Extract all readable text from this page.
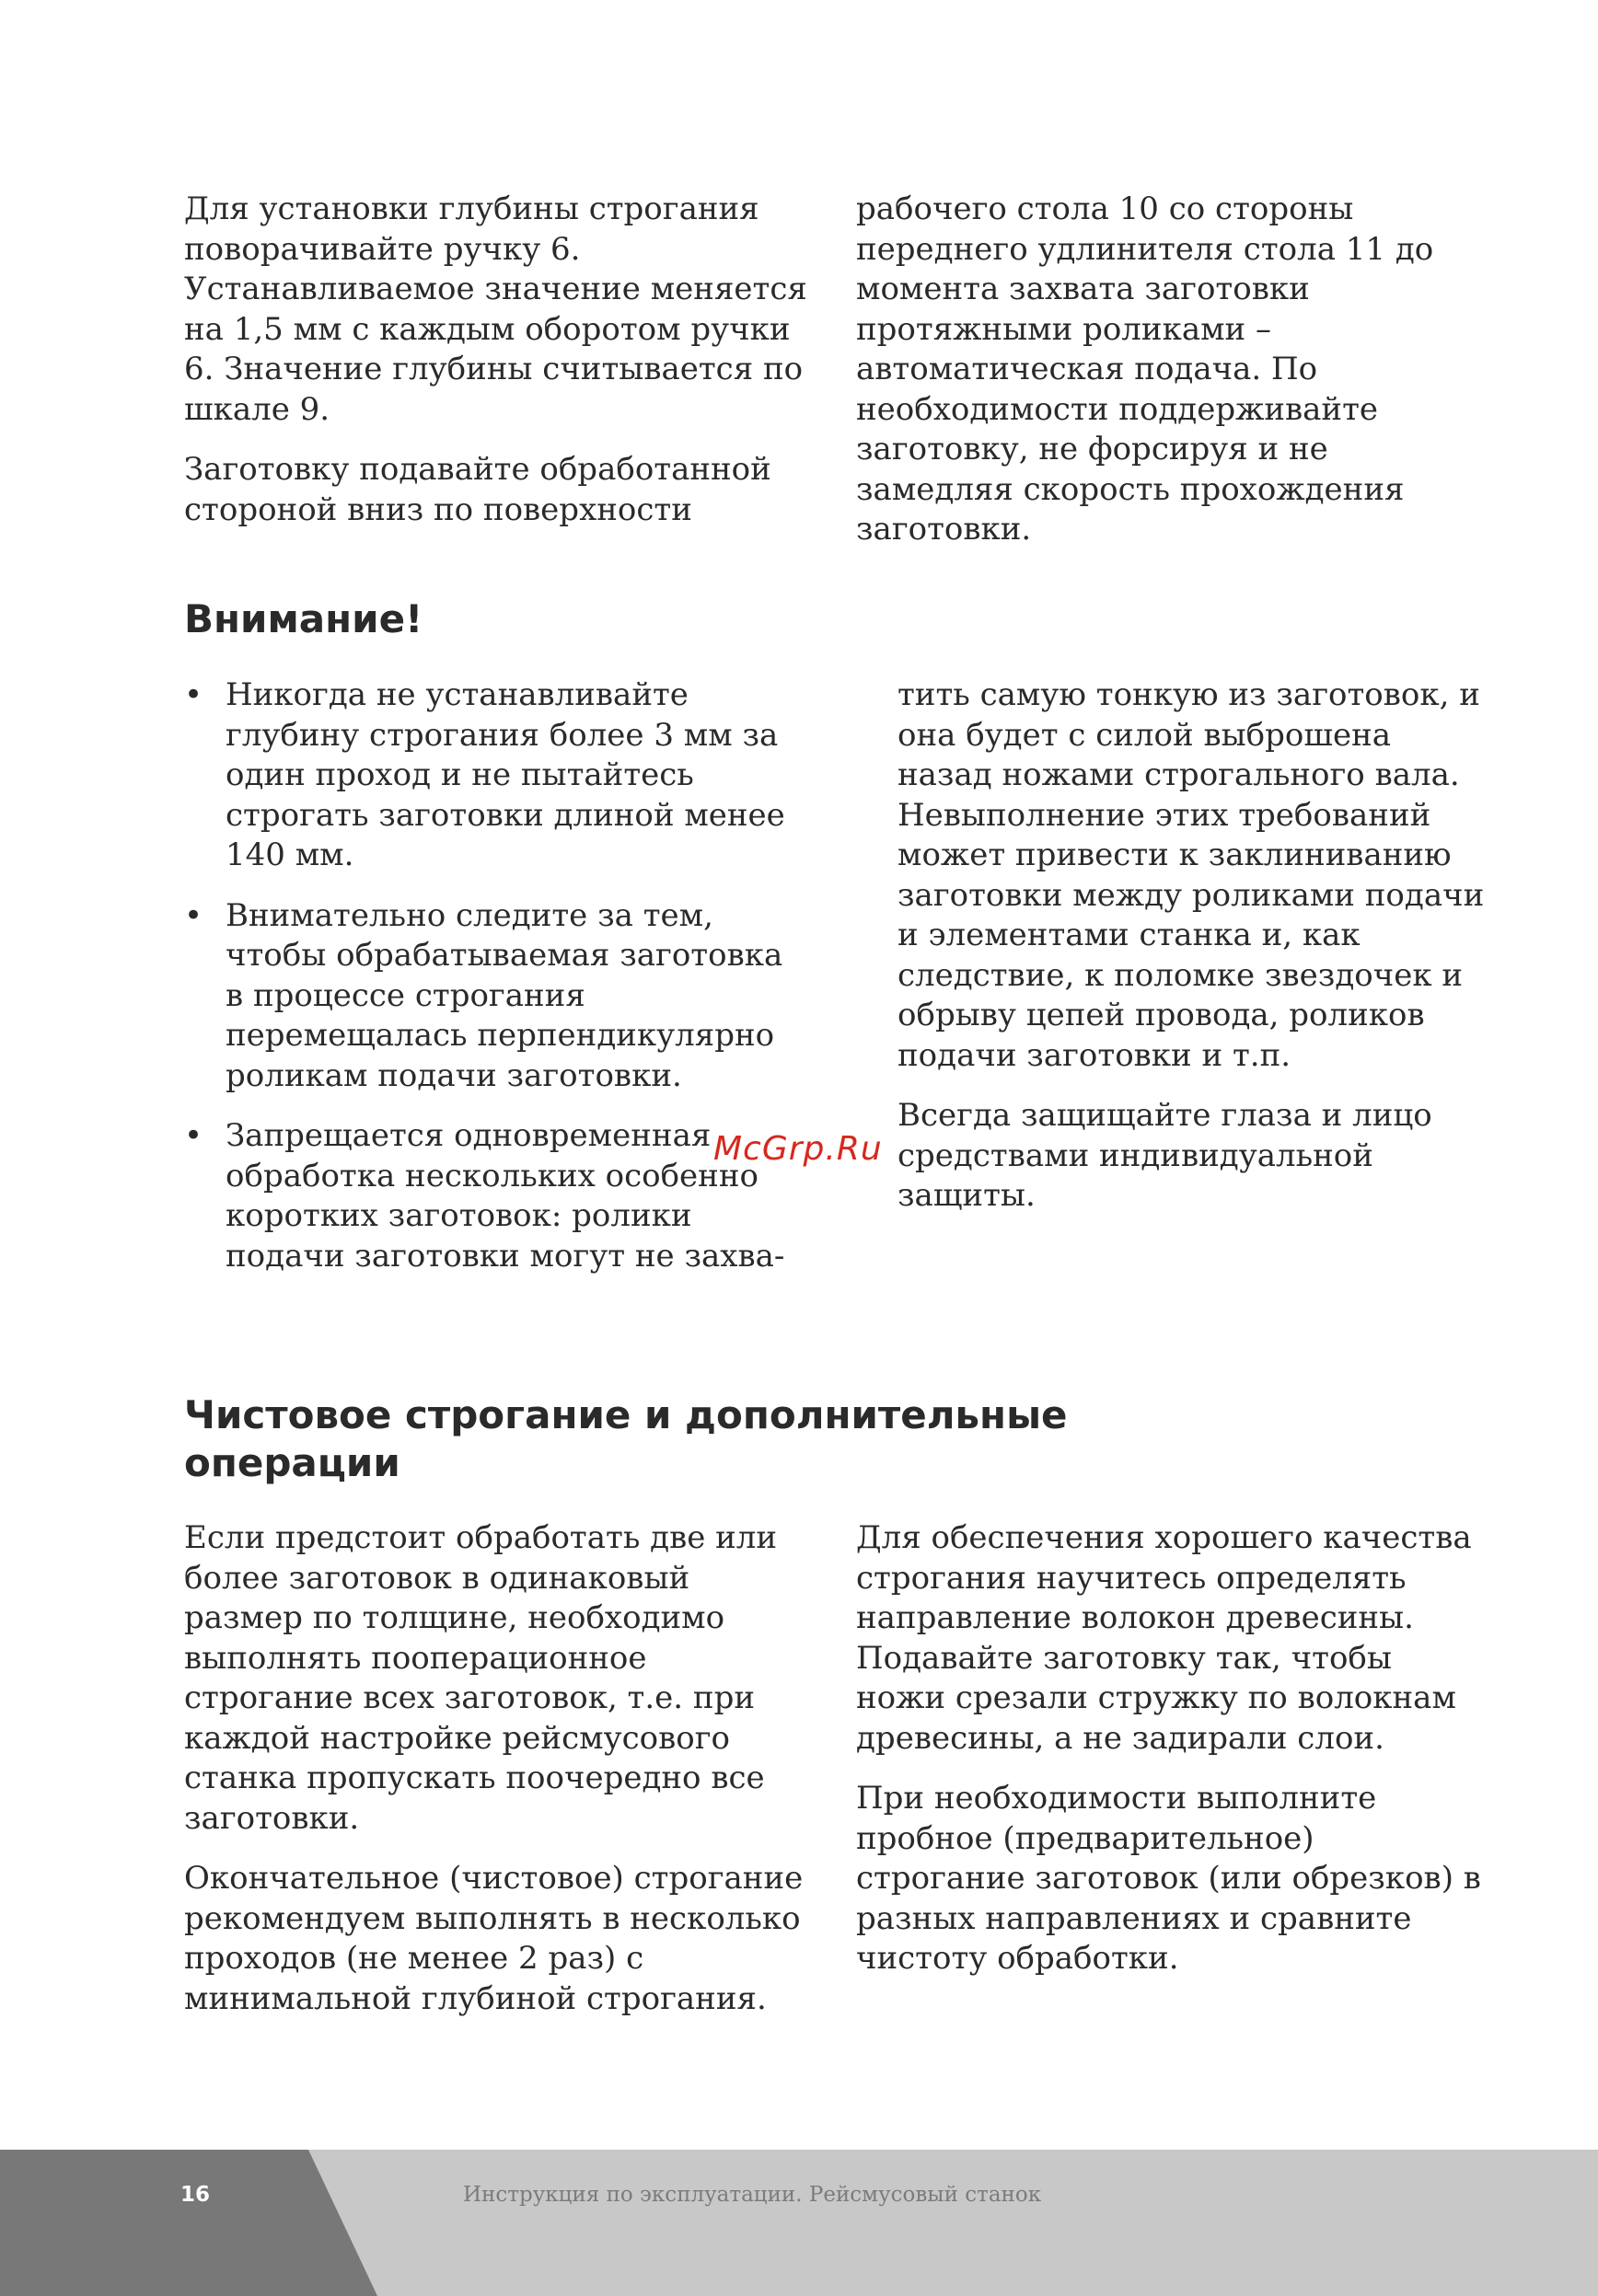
Для установки глубины строгания поворачивайте ручку 6. Устанавливаемое значение меняется на 1,5 мм с каждым оборотом ручки 6. Значение глубины считывается по шкале 9.

Заготовку подавайте обработанной стороной вниз по поверхности

рабочего стола 10 со стороны переднего удлинителя стола 11 до момента захвата заготовки протяжными роликами – автоматическая подача. По необходимости поддерживайте заготовку, не форсируя и не замедляя скорость прохождения заготовки.

Внимание!
• Никогда не устанавливайте глубину строгания более 3 мм за один проход и не пытайтесь строгать заготовки длиной менее 140 мм.
• Внимательно следите за тем, чтобы обрабатываемая заготовка в процессе строгания перемещалась перпендикулярно роликам подачи заготовки.
• Запрещается одновременная обработка нескольких особенно коротких заготовок: ролики подачи заготовки могут не захва-

тить самую тонкую из заготовок, и она будет с силой выброшена назад ножами строгального вала. Невыполнение этих требований может привести к заклиниванию заготовки между роликами подачи и элементами станка и, как следствие, к поломке звездочек и обрыву цепей провода, роликов подачи заготовки и т.п.

Всегда защищайте глаза и лицо средствами индивидуальной защиты.

McGrp.Ru
Чистовое строгание и дополнительные операции

Если предстоит обработать две или более заготовок в одинаковый размер по толщине, необходимо выполнять пооперационное строгание всех заготовок, т.е. при каждой настройке рейсмусового станка пропускать поочередно все заготовки.

Окончательное (чистовое) строгание рекомендуем выполнять в несколько проходов (не менее 2 раз) с минимальной глубиной строгания.

Для обеспечения хорошего качества строгания научитесь определять направление волокон древесины. Подавайте заготовку так, чтобы ножи срезали стружку по волокнам древесины, а не задирали слои.

При необходимости выполните пробное (предварительное) строгание заготовок (или обрезков) в разных направлениях и сравните чистоту обработки.

16	Инструкция по эксплуатации. Рейсмусовый станок
